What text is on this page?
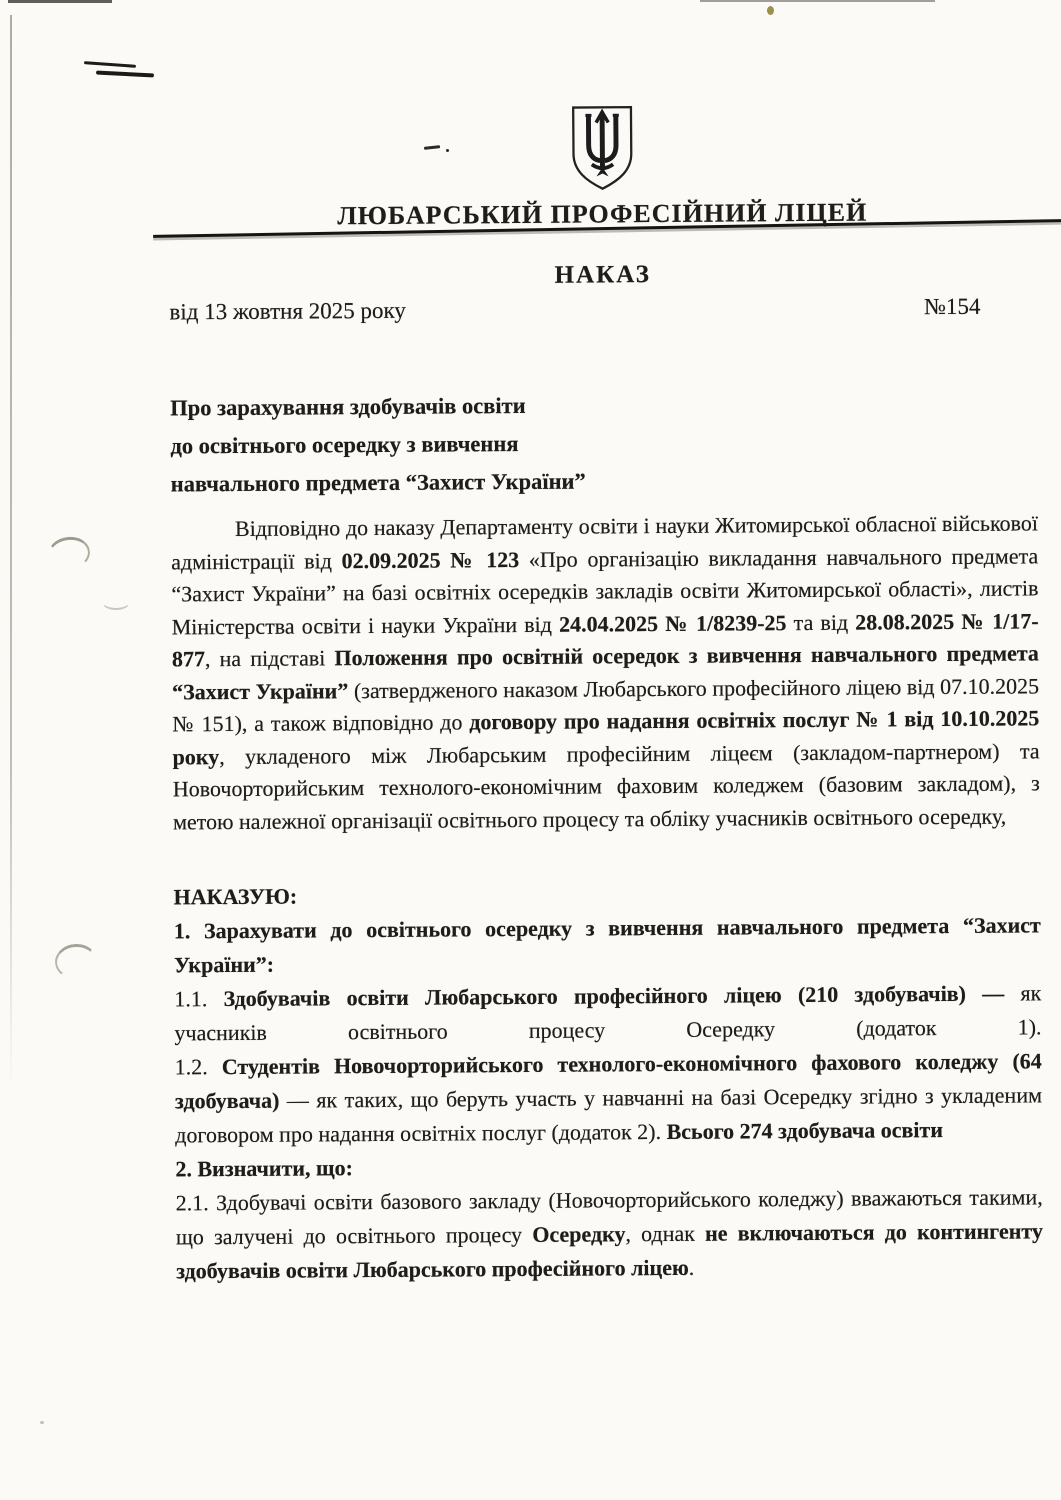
ЛЮБАРСЬКИЙ ПРОФЕСІЙНИЙ ЛІЦЕЙ
НАКАЗ
від 13 жовтня 2025 року	№154
Про зарахування здобувачів освіти
до освітнього осередку з вивчення
навчального предмета “Захист України”

Відповідно до наказу Департаменту освіти і науки Житомирської обласної військової адміністрації від 02.09.2025 № 123 «Про організацію викладання навчального предмета “Захист України” на базі освітніх осередків закладів освіти Житомирської області», листів Міністерства освіти і науки України від 24.04.2025 № 1/8239-25 та від 28.08.2025 № 1/17-877, на підставі Положення про освітній осередок з вивчення навчального предмета “Захист України” (затвердженого наказом Любарського професійного ліцею від 07.10.2025 № 151), а також відповідно до договору про надання освітніх послуг № 1 від 10.10.2025 року, укладеного між Любарським професійним ліцеєм (закладом-партнером) та Новочорторийським технолого-економічним фаховим коледжем (базовим закладом), з метою належної організації освітнього процесу та обліку учасників освітнього осередку,

НАКАЗУЮ:

1. Зарахувати до освітнього осередку з вивчення навчального предмета “Захист України”:

1.1. Здобувачів освіти Любарського професійного ліцею (210 здобувачів) — як учасників освітнього процесу Осередку (додаток 1).

1.2. Студентів Новочорторийського технолого-економічного фахового коледжу (64 здобувача) — як таких, що беруть участь у навчанні на базі Осередку згідно з укладеним договором про надання освітніх послуг (додаток 2). Всього 274 здобувача освіти

2. Визначити, що:

2.1. Здобувачі освіти базового закладу (Новочорторийського коледжу) вважаються такими, що залучені до освітнього процесу Осередку, однак не включаються до контингенту здобувачів освіти Любарського професійного ліцею.
